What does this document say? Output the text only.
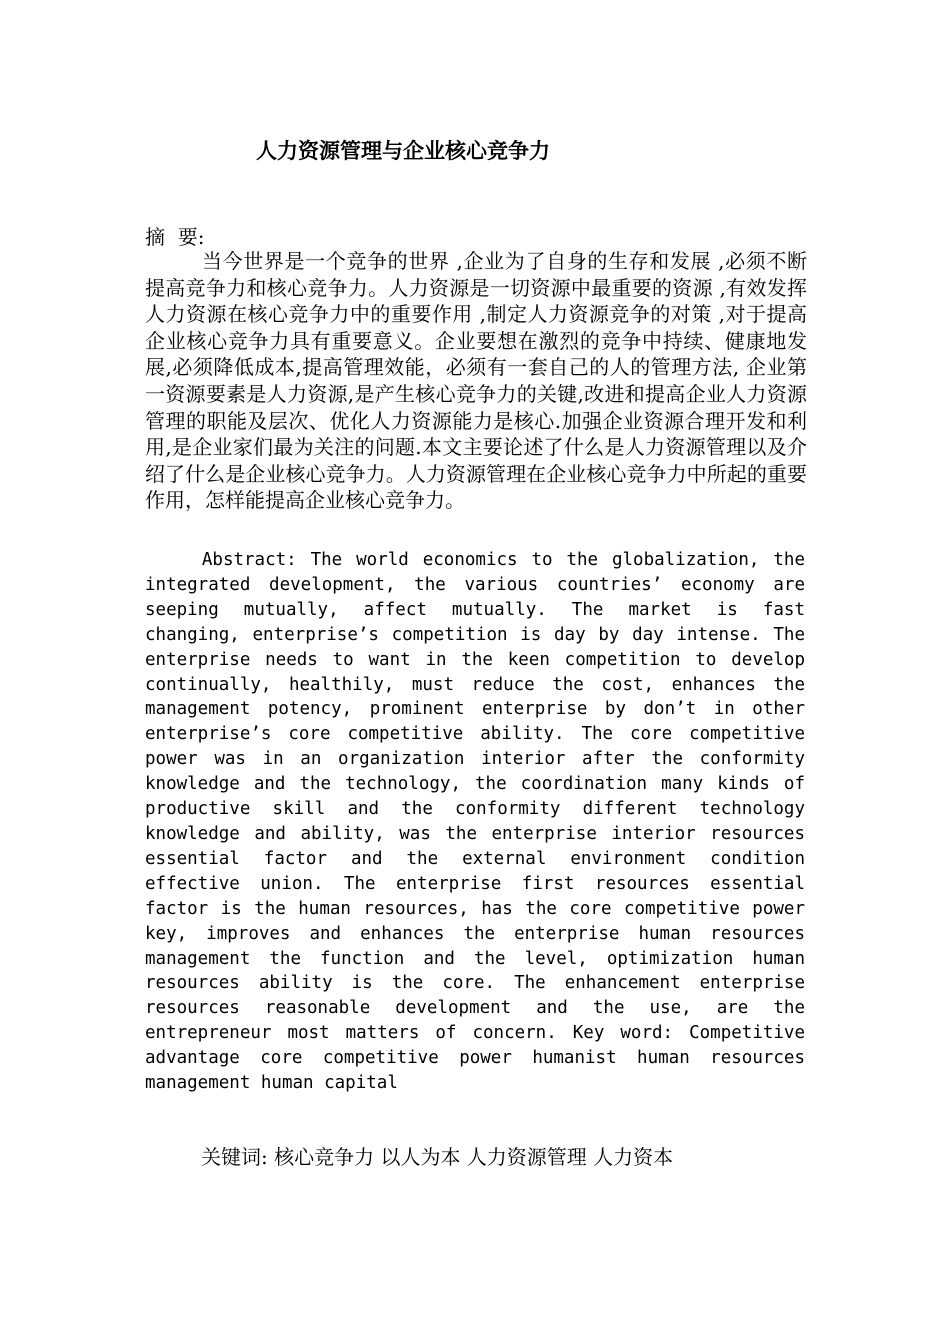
人力资源管理与企业核心竞争力

摘  要:

当今世界是一个竞争的世界 ,企业为了自身的生存和发展 ,必须不断提高竞争力和核心竞争力。人力资源是一切资源中最重要的资源 ,有效发挥人力资源在核心竞争力中的重要作用 ,制定人力资源竞争的对策 ,对于提高企业核心竞争力具有重要意义。企业要想在激烈的竞争中持续、健康地发展,必须降低成本,提高管理效能，必须有一套自己的人的管理方法, 企业第一资源要素是人力资源,是产生核心竞争力的关键,改进和提高企业人力资源管理的职能及层次、优化人力资源能力是核心.加强企业资源合理开发和利用,是企业家们最为关注的问题.本文主要论述了什么是人力资源管理以及介绍了什么是企业核心竞争力。人力资源管理在企业核心竞争力中所起的重要作用，怎样能提高企业核心竞争力。

Abstract: The world economics to the globalization, the integrated development, the various countries’ economy are seeping mutually, affect mutually. The market is fast changing, enterprise’s competition is day by day intense. The enterprise needs to want in the keen competition to develop continually, healthily, must reduce the cost, enhances the management potency, prominent enterprise by don’t in other enterprise’s core competitive ability. The core competitive power was in an organization interior after the conformity knowledge and the technology, the coordination many kinds of productive skill and the conformity different technology knowledge and ability, was the enterprise interior resources essential factor and the external environment condition effective union. The enterprise first resources essential factor is the human resources, has the core competitive power key, improves and enhances the enterprise human resources management the function and the level, optimization human resources ability is the core. The enhancement enterprise resources reasonable development and the use, are the entrepreneur most matters of concern. Key word: Competitive advantage core competitive power humanist human resources management human capital

关键词: 核心竞争力 以人为本 人力资源管理 人力资本
